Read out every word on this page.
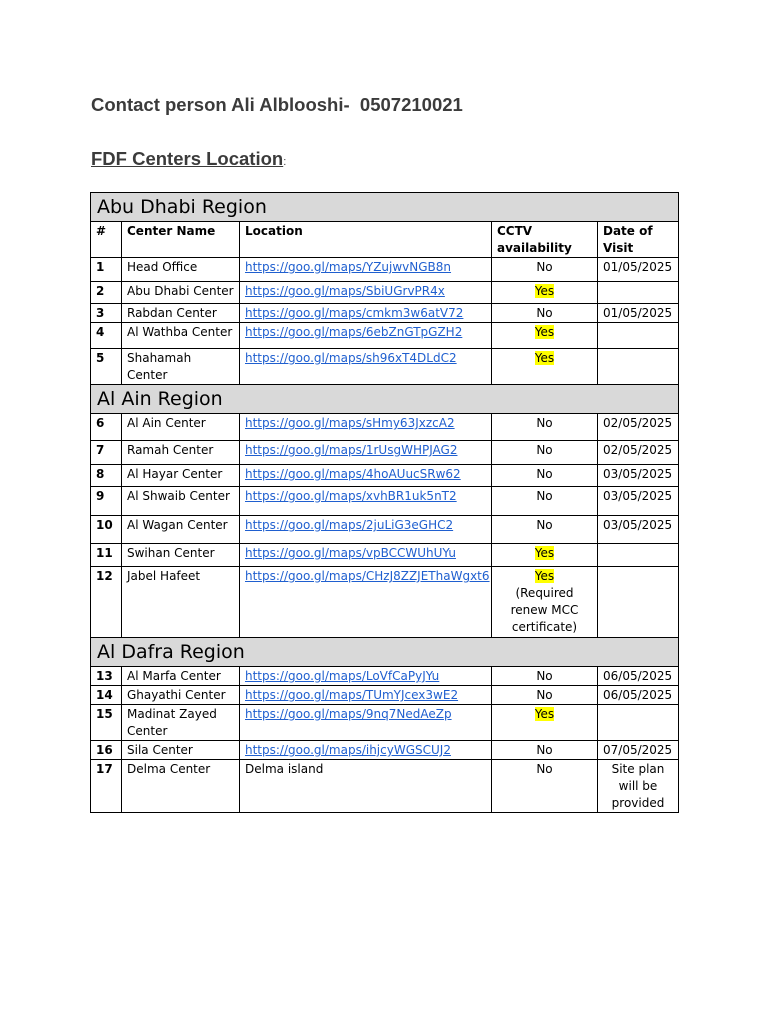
Contact person Ali Alblooshi-  0507210021
FDF Centers Location:
Abu Dhabi Region				
#	Center Name	Location	CCTV availability	Date of Visit
1	Head Office	https://goo.gl/maps/YZujwvNGB8n	No	01/05/2025
2	Abu Dhabi Center	https://goo.gl/maps/SbiUGrvPR4x	Yes	
3	Rabdan Center	https://goo.gl/maps/cmkm3w6atV72	No	01/05/2025
4	Al Wathba Center	https://goo.gl/maps/6ebZnGTpGZH2	Yes	
5	Shahamah Center	https://goo.gl/maps/sh96xT4DLdC2	Yes	
Al Ain Region				
6	Al Ain Center	https://goo.gl/maps/sHmy63JxzcA2	No	02/05/2025
7	Ramah Center	https://goo.gl/maps/1rUsgWHPJAG2	No	02/05/2025
8	Al Hayar Center	https://goo.gl/maps/4hoAUucSRw62	No	03/05/2025
9	Al Shwaib Center	https://goo.gl/maps/xvhBR1uk5nT2	No	03/05/2025
10	Al Wagan Center	https://goo.gl/maps/2juLiG3eGHC2	No	03/05/2025
11	Swihan Center	https://goo.gl/maps/vpBCCWUhUYu	Yes	
12	Jabel Hafeet	https://goo.gl/maps/CHzJ8ZZJEThaWgxt6	Yes
(Required renew MCC certificate)	

Al Dafra Region				
13	Al Marfa Center	https://goo.gl/maps/LoVfCaPyJYu	No	06/05/2025
14	Ghayathi Center	https://goo.gl/maps/TUmYJcex3wE2	No	06/05/2025
15	Madinat Zayed Center	https://goo.gl/maps/9nq7NedAeZp	Yes	
16	Sila Center	https://goo.gl/maps/ihjcyWGSCUJ2	No	07/05/2025
17	Delma Center	Delma island	No	Site plan will be provided
